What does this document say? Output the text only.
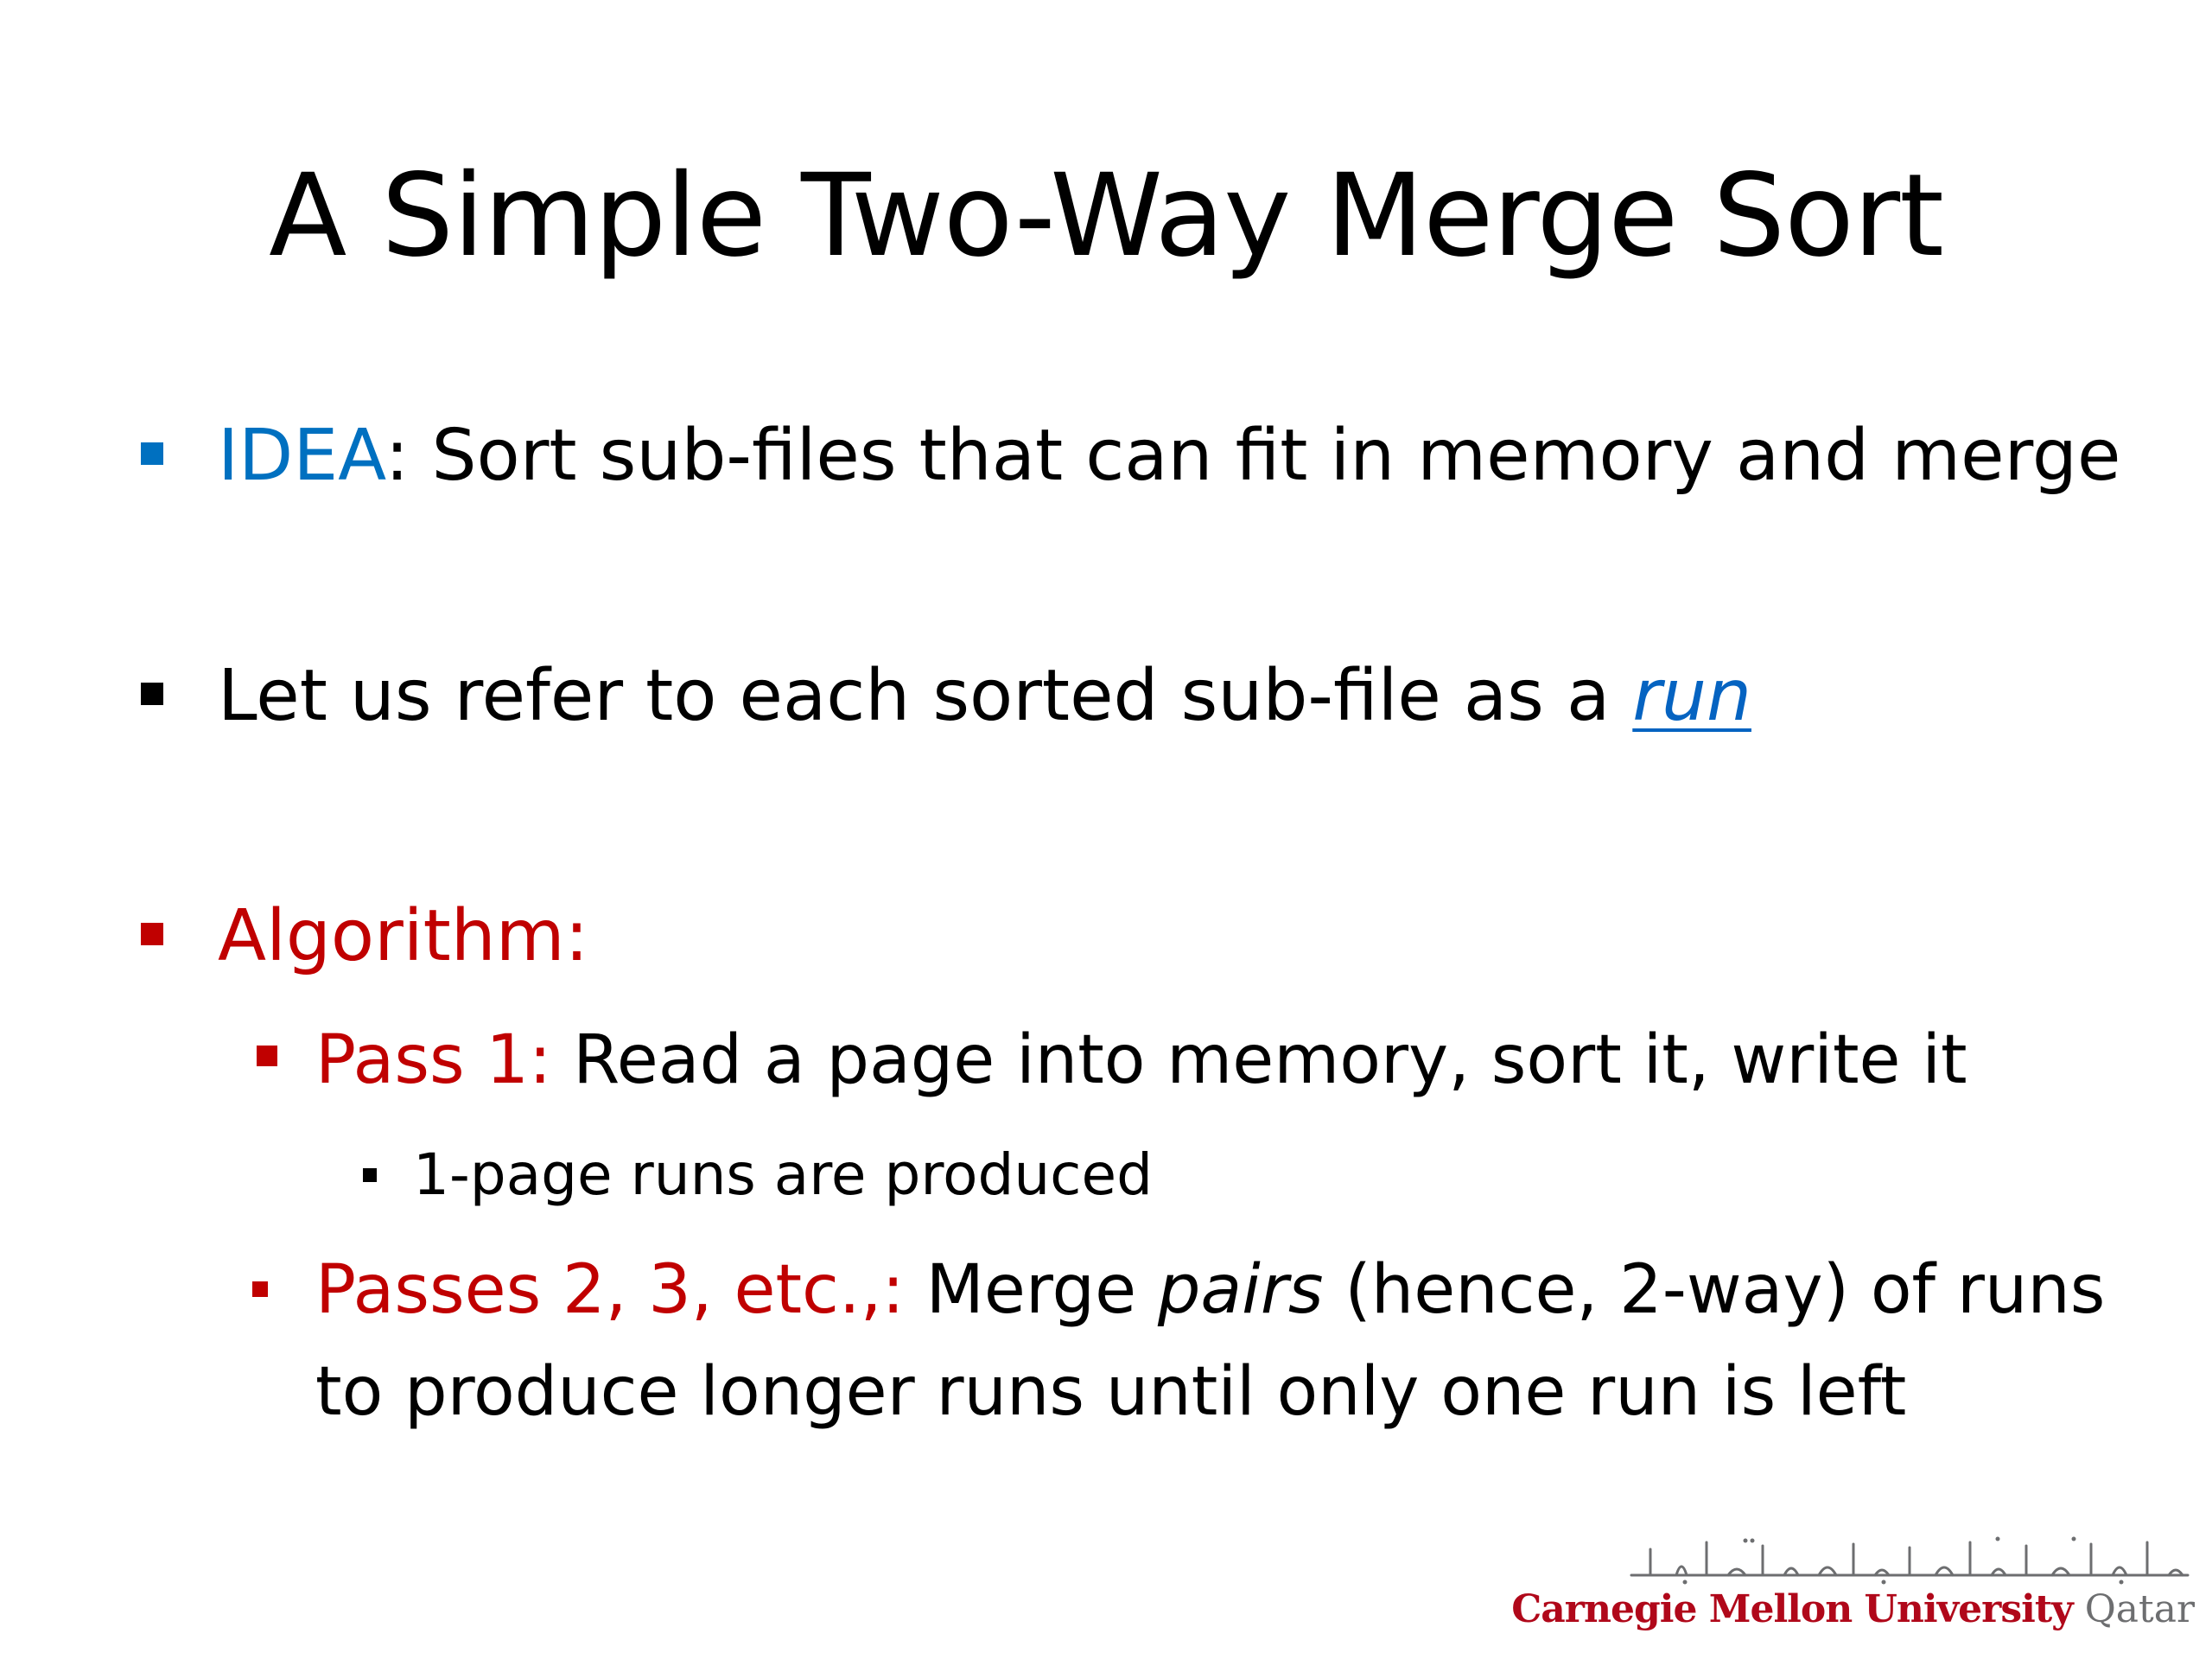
A Simple Two-Way Merge Sort
IDEA: Sort sub-files that can fit in memory and merge
Let us refer to each sorted sub-file as a run
Algorithm:
Pass 1: Read a page into memory, sort it, write it
1-page runs are produced
Passes 2, 3, etc.,: Merge pairs (hence, 2-way) of runs
to produce longer runs until only one run is left
جامعة كارنيجي ميلون في قطر
Carnegie Mellon University Qatar
